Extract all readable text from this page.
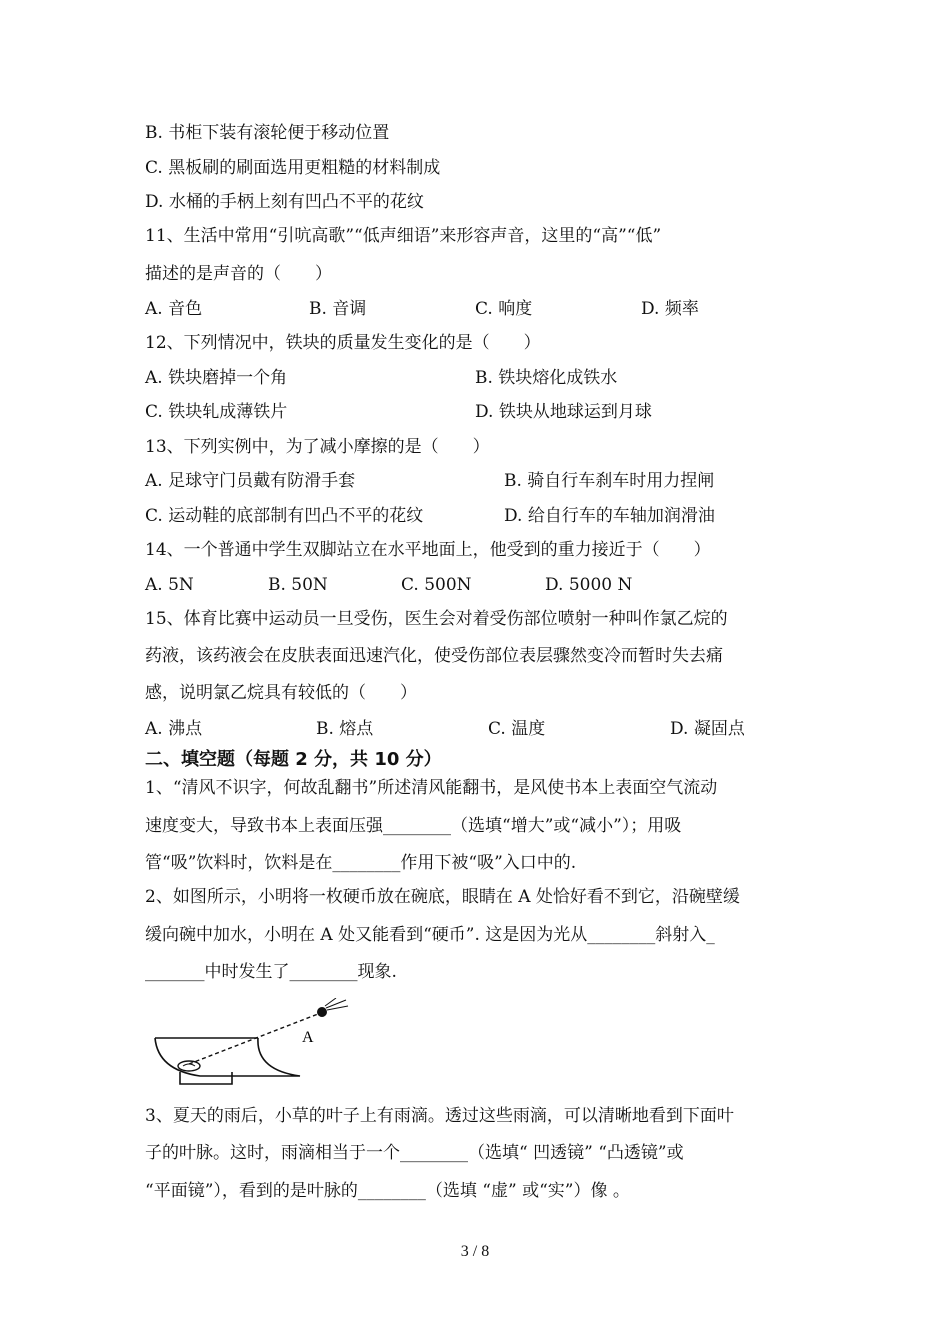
B. 书柜下装有滚轮便于移动位置
C. 黑板刷的刷面选用更粗糙的材料制成
D. 水桶的手柄上刻有凹凸不平的花纹
11、生活中常用“引吭高歌”“低声细语”来形容声音，这里的“高”“低”
描述的是声音的（　　）
A. 音色	B. 音调	C. 响度	D. 频率
12、下列情况中，铁块的质量发生变化的是（　　）
A. 铁块磨掉一个角	B. 铁块熔化成铁水
C. 铁块轧成薄铁片	D. 铁块从地球运到月球
13、下列实例中，为了减小摩擦的是（　　）
A. 足球守门员戴有防滑手套	B. 骑自行车刹车时用力捏闸
C. 运动鞋的底部制有凹凸不平的花纹	D. 给自行车的车轴加润滑油
14、一个普通中学生双脚站立在水平地面上，他受到的重力接近于（　　）
A. 5N	B. 50N	C. 500N	D. 5000 N
15、体育比赛中运动员一旦受伤，医生会对着受伤部位喷射一种叫作氯乙烷的
药液，该药液会在皮肤表面迅速汽化，使受伤部位表层骤然变冷而暂时失去痛
感，说明氯乙烷具有较低的（　　）
A. 沸点	B. 熔点	C. 温度	D. 凝固点
二、填空题（每题 2 分，共 10 分）
1、“清风不识字，何故乱翻书”所述清风能翻书，是风使书本上表面空气流动
速度变大，导致书本上表面压强________（选填“增大”或“减小”）；用吸
管“吸”饮料时，饮料是在________作用下被“吸”入口中的.
2、如图所示，小明将一枚硬币放在碗底，眼睛在 A 处恰好看不到它，沿碗壁缓
缓向碗中加水，小明在 A 处又能看到“硬币”. 这是因为光从________斜射入_
_______中时发生了________现象.
A
3、夏天的雨后，小草的叶子上有雨滴。透过这些雨滴，可以清晰地看到下面叶
子的叶脉。这时，雨滴相当于一个________（选填“ 凹透镜” “凸透镜”或
“平面镜”），看到的是叶脉的________（选填 “虚” 或“实”）像 。
3 / 8
